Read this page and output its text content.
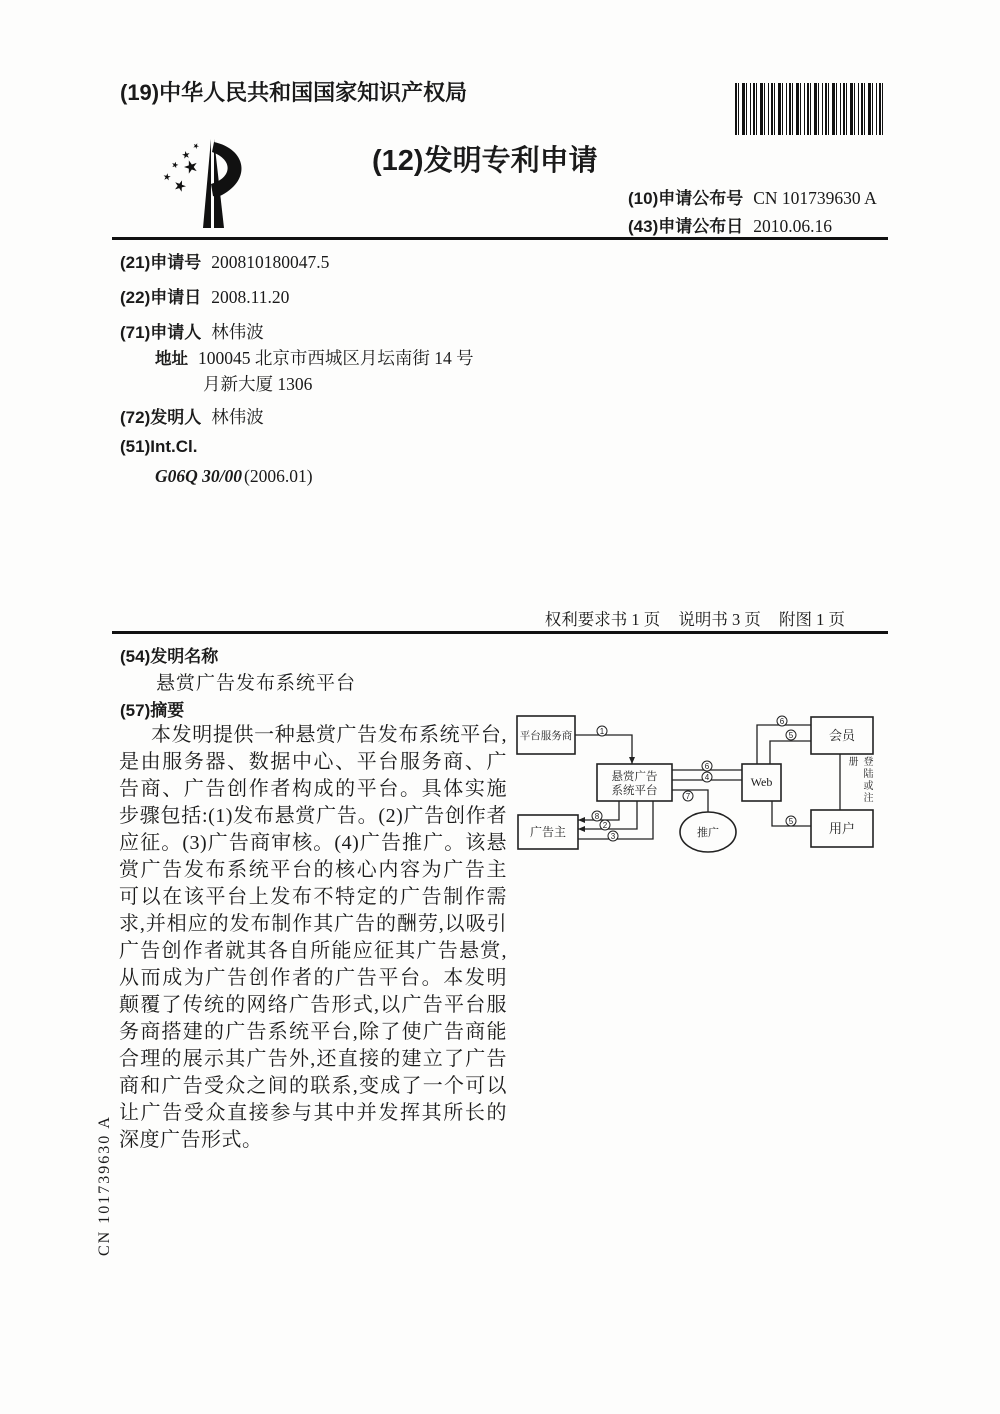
(19)中华人民共和国国家知识产权局
(12)发明专利申请
(10)申请公布号 CN 101739630 A
(43)申请公布日 2010.06.16
(21)申请号 200810180047.5
(22)申请日 2008.11.20
(71)申请人 林伟波
地址 100045 北京市西城区月坛南街 14 号
月新大厦 1306
(72)发明人 林伟波
(51)Int.Cl.
G06Q 30/00 (2006.01)
权利要求书 1 页 说明书 3 页 附图 1 页
(54)发明名称
悬赏广告发布系统平台
(57)摘要
本发明提供一种悬赏广告发布系统平台,是由服务器、数据中心、平台服务商、广告商、广告创作者构成的平台。具体实施步骤包括:(1)发布悬赏广告。(2)广告创作者应征。(3)广告商审核。(4)广告推广。该悬赏广告发布系统平台的核心内容为广告主可以在该平台上发布不特定的广告制作需求,并相应的发布制作其广告的酬劳,以吸引广告创作者就其各自所能应征其广告悬赏,从而成为广告创作者的广告平台。本发明颠覆了传统的网络广告形式,以广告平台服务商搭建的广告系统平台,除了使广告商能合理的展示其广告外,还直接的建立了广告商和广告受众之间的联系,变成了一个可以让广告受众直接参与其中并发挥其所长的深度广告形式。
平台服务商
悬赏广告
系统平台
广告主	推广
Web
会员
用户
1
6
4
7
8
2
3
6
5
5
登陆或注册
CN 101739630 A
